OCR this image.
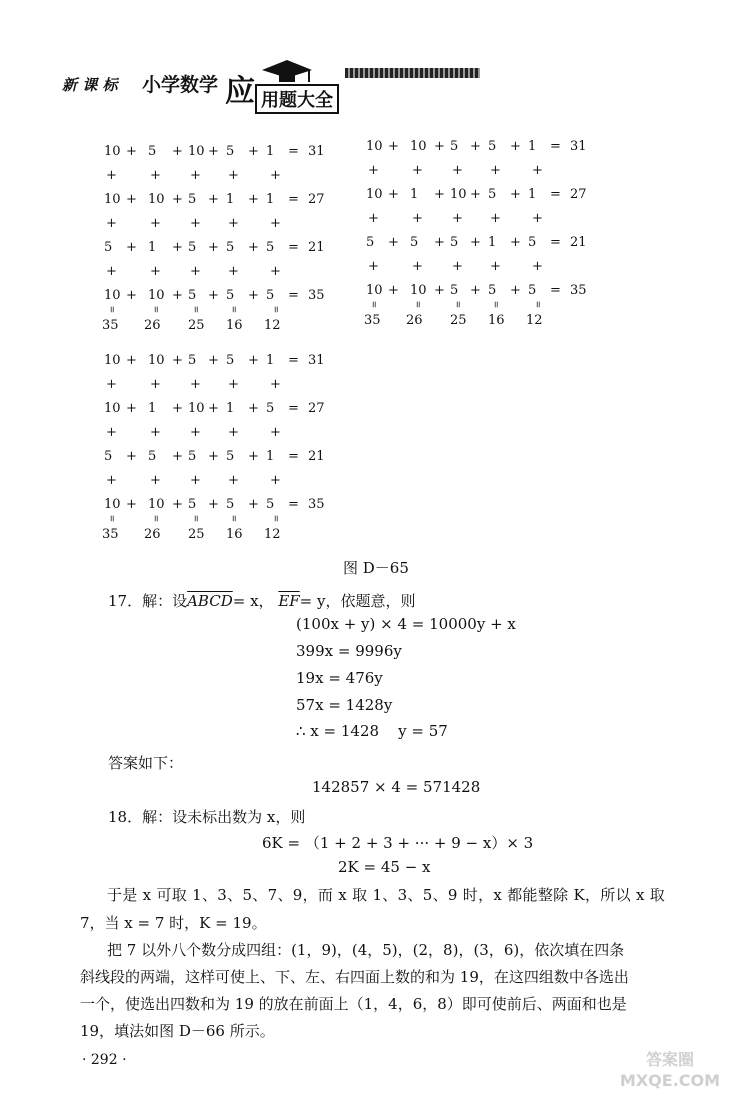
新 课 标 小学数学 应 用题大全
10 + 5 + 10 + 5 + 1 = 31
+	+ + + +
10 + 10 + 5 + 1 + 1 = 27
+	+ + + +
5 + 1 + 5 + 5 + 5 = 21
+	+ + + +
10 + 10 + 5 + 5 + 5 = 35
=	= = = =
35 26 25 16 12
10 + 10 + 5 + 5 + 1 = 31
+	+ + + +
10 + 1 + 10 + 5 + 1 = 27
+	+ + + +
5 + 5 + 5 + 1 + 5 = 21
+	+ + + +
10 + 10 + 5 + 5 + 5 = 35
=	= = = =
35 26 25 16 12
10 + 10 + 5 + 5 + 1 = 31
+	+ + + +
10 + 1 + 10 + 1 + 5 = 27
+	+ + + +
5 + 5 + 5 + 5 + 1 = 21
+	+ + + +
10 + 10 + 5 + 5 + 5 = 35
=	= = = =
35 26 25 16 12
图 D－65
17．解：设ABCD= x， $\overline{EF}= y$，依题意，则
(100x + y) × 4 = 10000y + x
399x = 9996y
19x = 476y
57x = 1428y
∴ x = 1428    y = 57
答案如下：
142857 × 4 = 571428
18．解：设未标出数为 x，则
6K = （1 + 2 + 3 + ··· + 9 − x）× 3
2K = 45 − x
于是 x 可取 1、3、5、7、9，而 x 取 1、3、5、9 时，x 都能整除 K，所以 x 取
7，当 x = 7 时，K = 19。
把 7 以外八个数分成四组：(1，9)，(4，5)，(2，8)，(3，6)，依次填在四条
斜线段的两端，这样可使上、下、左、右四面上数的和为 19，在这四组数中各选出
一个，使选出四数和为 19 的放在前面上（1，4，6，8）即可使前后、两面和也是
19，填法如图 D－66 所示。
· 292 ·	答案圈 MXQE.COM
